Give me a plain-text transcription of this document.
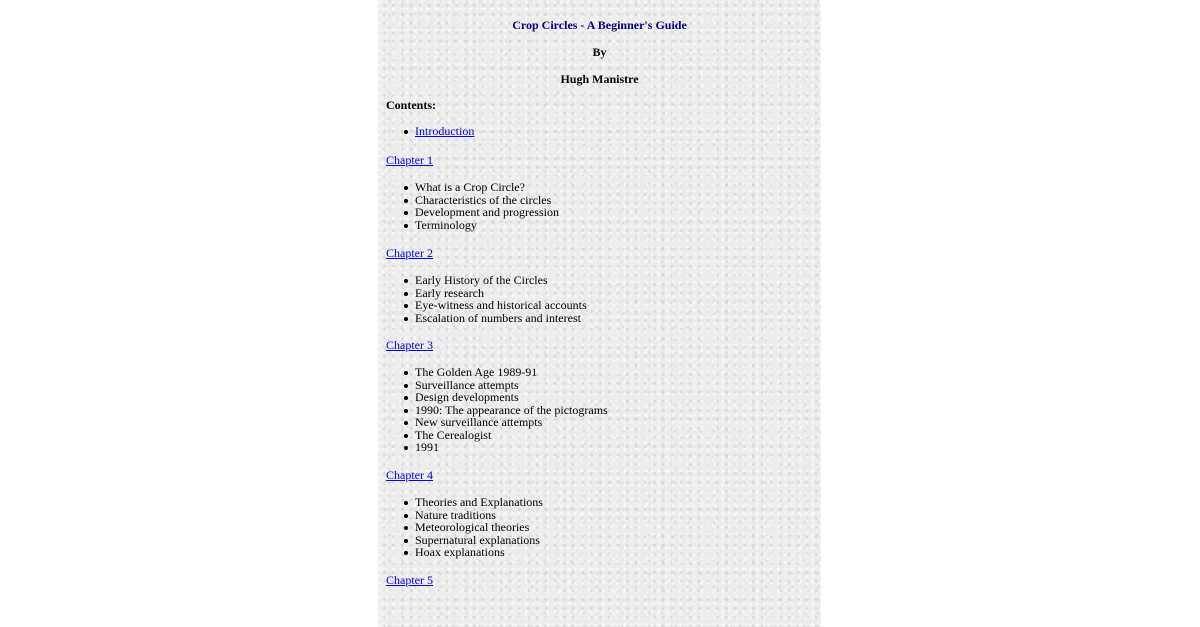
Crop Circles - A Beginner's Guide
By
Hugh Manistre
Contents:
Introduction
Chapter 1
What is a Crop Circle?
Characteristics of the circles
Development and progression
Terminology
Chapter 2
Early History of the Circles
Early research
Eye-witness and historical accounts
Escalation of numbers and interest
Chapter 3
The Golden Age 1989-91
Surveillance attempts
Design developments
1990: The appearance of the pictograms
New surveillance attempts
The Cerealogist
1991
Chapter 4
Theories and Explanations
Nature traditions
Meteorological theories
Supernatural explanations
Hoax explanations
Chapter 5
